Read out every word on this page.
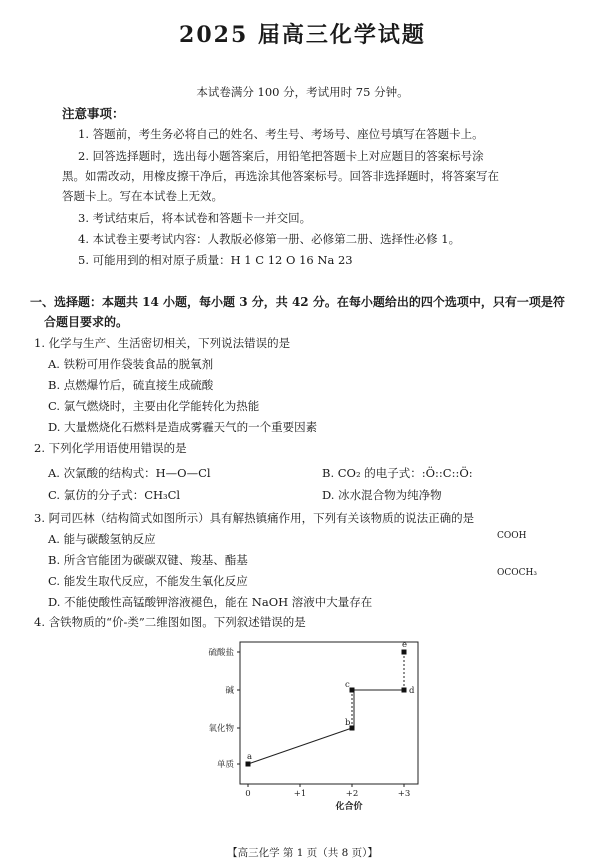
2025 届高三化学试题
本试卷满分 100 分，考试用时 75 分钟。
注意事项：
1. 答题前，考生务必将自己的姓名、考生号、考场号、座位号填写在答题卡上。
2. 回答选择题时，选出每小题答案后，用铅笔把答题卡上对应题目的答案标号涂
黑。如需改动，用橡皮擦干净后，再选涂其他答案标号。回答非选择题时，将答案写在
答题卡上。写在本试卷上无效。
3. 考试结束后，将本试卷和答题卡一并交回。
4. 本试卷主要考试内容：人教版必修第一册、必修第二册、选择性必修 1。
5. 可能用到的相对原子质量：H 1 C 12 O 16 Na 23
一、选择题：本题共 14 小题，每小题 3 分，共 42 分。在每小题给出的四个选项中，只有一项是符
合题目要求的。
1. 化学与生产、生活密切相关，下列说法错误的是
A. 铁粉可用作袋装食品的脱氧剂
B. 点燃爆竹后，硫直接生成硫酸
C. 氯气燃烧时，主要由化学能转化为热能
D. 大量燃烧化石燃料是造成雾霾天气的一个重要因素
2. 下列化学用语使用错误的是
A. 次氯酸的结构式：H—O—Cl	B. CO₂ 的电子式：:Ö::C::Ö:
C. 氯仿的分子式：CH₃Cl	D. 冰水混合物为纯净物
3. 阿司匹林（结构简式如图所示）具有解热镇痛作用，下列有关该物质的说法正确的是
A. 能与碳酸氢钠反应
B. 所含官能团为碳碳双键、羧基、酯基
C. 能发生取代反应，不能发生氧化反应
D. 不能使酸性高锰酸钾溶液褪色，能在 NaOH 溶液中大量存在
COOH
OCOCH₃
4. 含铁物质的“价-类”二维图如图。下列叙述错误的是
单质
氧化物
碱
硫酸盐
0	+1	+2	+3
化合价
a
b
c
d
e
【高三化学 第 1 页（共 8 页）】
